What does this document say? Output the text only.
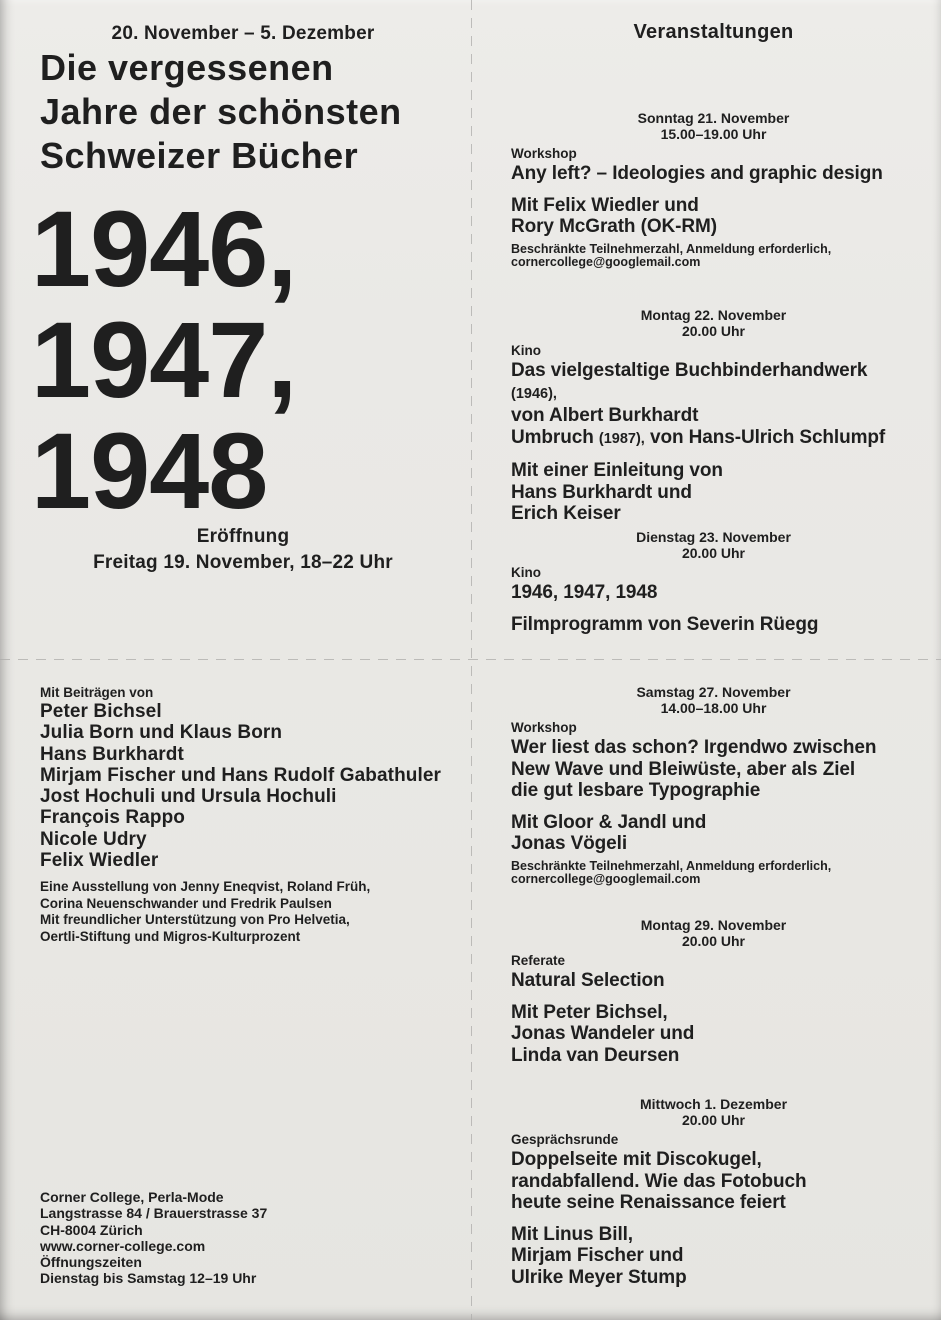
20. November – 5. Dezember
Die vergessenen
Jahre der schönsten
Schweizer Bücher
1946,
1947,
1948
Eröffnung
Freitag 19. November, 18–22 Uhr
Mit Beiträgen von
Peter Bichsel
Julia Born und Klaus Born
Hans Burkhardt
Mirjam Fischer und Hans Rudolf Gabathuler
Jost Hochuli und Ursula Hochuli
François Rappo
Nicole Udry
Felix Wiedler
Eine Ausstellung von Jenny Eneqvist, Roland Früh,
Corina Neuenschwander und Fredrik Paulsen
Mit freundlicher Unterstützung von Pro Helvetia,
Oertli-Stiftung und Migros-Kulturprozent
Corner College, Perla-Mode
Langstrasse 84 / Brauerstrasse 37
CH-8004 Zürich
www.corner-college.com
Öffnungszeiten
Dienstag bis Samstag 12–19 Uhr
Veranstaltungen
Sonntag 21. November
15.00–19.00 Uhr
Workshop
Any left? – Ideologies and graphic design
Mit Felix Wiedler und
Rory McGrath (OK-RM)
Beschränkte Teilnehmerzahl, Anmeldung erforderlich,
cornercollege@googlemail.com
Montag 22. November
20.00 Uhr
Kino
Das vielgestaltige Buchbinderhandwerk (1946),
von Albert Burkhardt
Umbruch (1987), von Hans-Ulrich Schlumpf
Mit einer Einleitung von
Hans Burkhardt und
Erich Keiser
Dienstag 23. November
20.00 Uhr
Kino
1946, 1947, 1948
Filmprogramm von Severin Rüegg
Samstag 27. November
14.00–18.00 Uhr
Workshop
Wer liest das schon? Irgendwo zwischen
New Wave und Bleiwüste, aber als Ziel
die gut lesbare Typographie
Mit Gloor & Jandl und
Jonas Vögeli
Beschränkte Teilnehmerzahl, Anmeldung erforderlich,
cornercollege@googlemail.com
Montag 29. November
20.00 Uhr
Referate
Natural Selection
Mit Peter Bichsel,
Jonas Wandeler und
Linda van Deursen
Mittwoch 1. Dezember
20.00 Uhr
Gesprächsrunde
Doppelseite mit Discokugel,
randabfallend. Wie das Fotobuch
heute seine Renaissance feiert
Mit Linus Bill,
Mirjam Fischer und
Ulrike Meyer Stump
